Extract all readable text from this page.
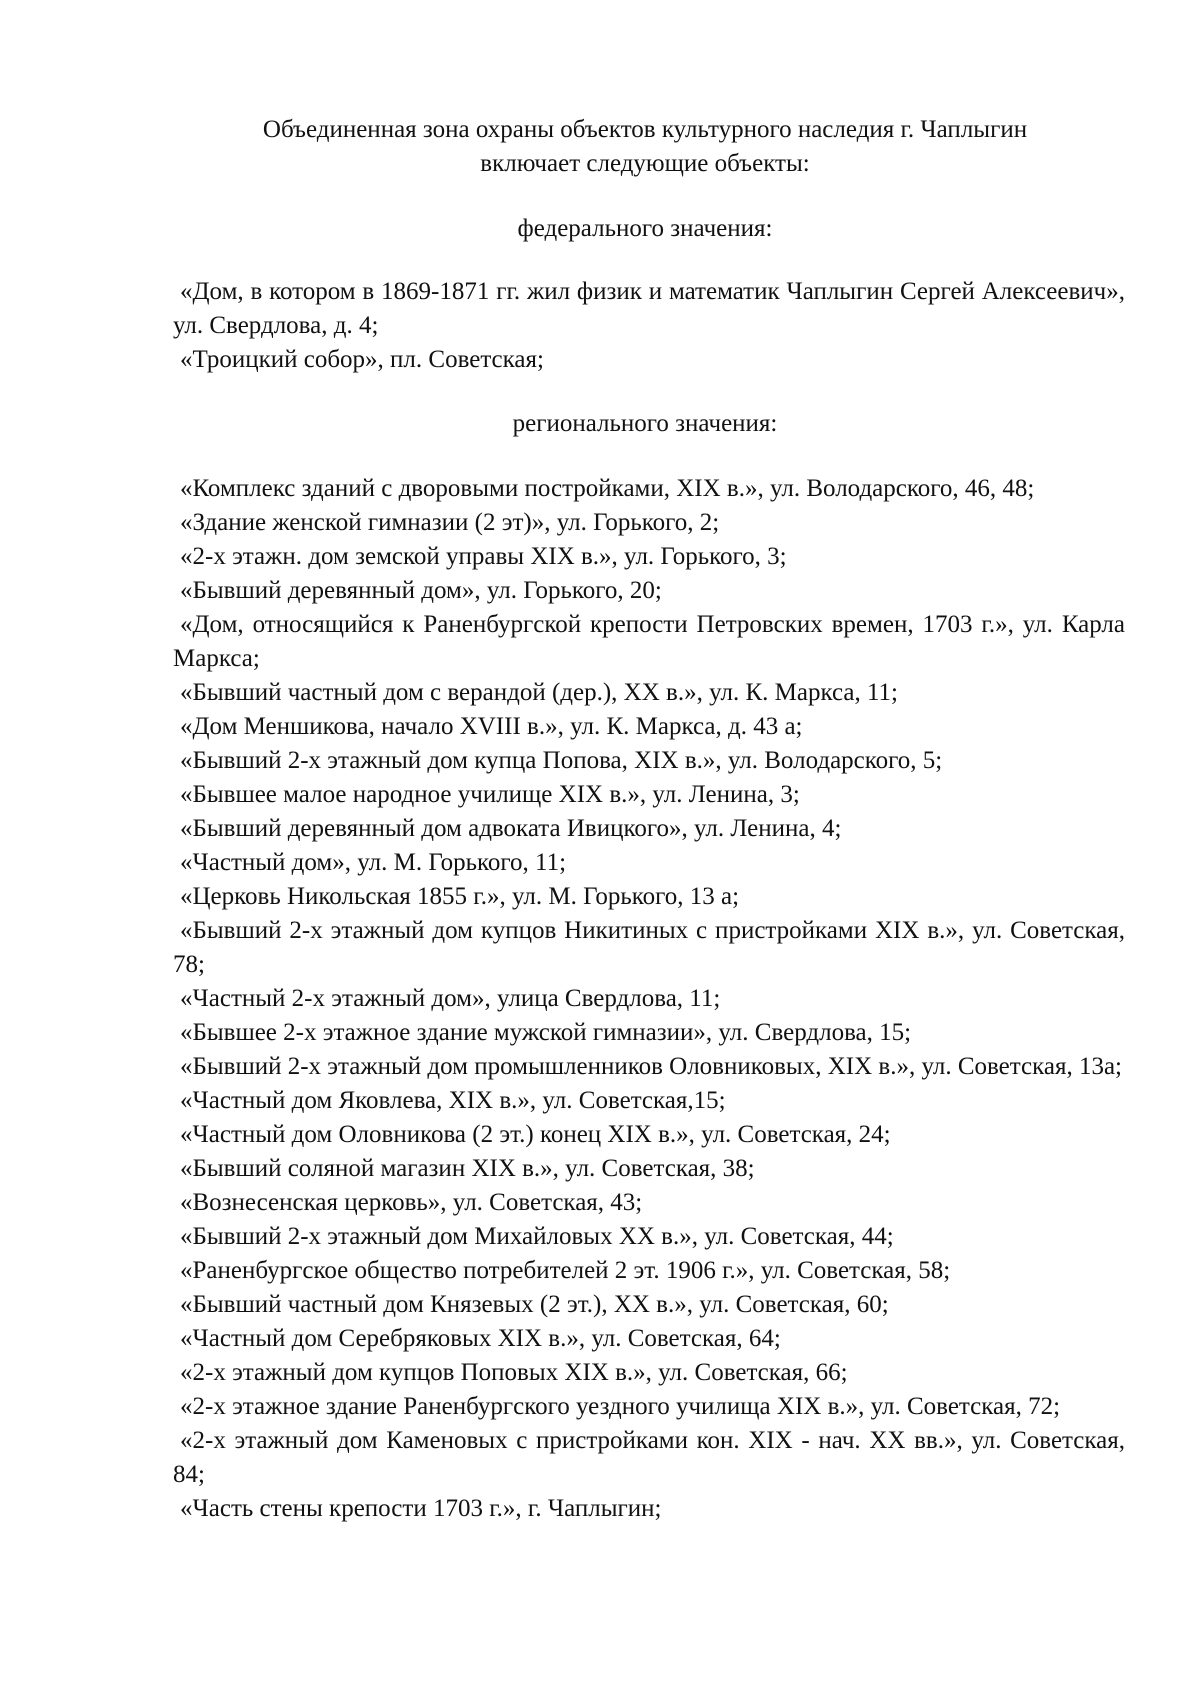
Объединенная зона охраны объектов культурного наследия г. Чаплыгин
включает следующие объекты:
федерального значения:
«Дом, в котором в 1869-1871 гг. жил физик и математик Чаплыгин Сергей Алексеевич», ул. Свердлова, д. 4;
«Троицкий собор», пл. Советская;
регионального значения:
«Комплекс зданий с дворовыми постройками, XIX в.», ул. Володарского, 46, 48;
«Здание женской гимназии (2 эт)», ул. Горького, 2;
«2-х этажн. дом земской управы XIX в.», ул. Горького, 3;
«Бывший деревянный дом», ул. Горького, 20;
«Дом, относящийся к Раненбургской крепости Петровских времен, 1703 г.», ул. Карла Маркса;
«Бывший частный дом с верандой (дер.), XX в.», ул. К. Маркса, 11;
«Дом Меншикова, начало XVIII в.», ул. К. Маркса, д. 43 а;
«Бывший 2-х этажный дом купца Попова, XIX в.», ул. Володарского, 5;
«Бывшее малое народное училище XIX в.», ул. Ленина, 3;
«Бывший деревянный дом адвоката Ивицкого», ул. Ленина, 4;
«Частный дом», ул. М. Горького, 11;
«Церковь Никольская 1855 г.», ул. М. Горького, 13 а;
«Бывший 2-х этажный дом купцов Никитиных с пристройками XIX в.», ул. Советская, 78;
«Частный 2-х этажный дом», улица Свердлова, 11;
«Бывшее 2-х этажное здание мужской гимназии», ул. Свердлова, 15;
«Бывший 2-х этажный дом промышленников Оловниковых, XIX в.», ул. Советская, 13а;
«Частный дом Яковлева, XIX в.», ул. Советская,15;
«Частный дом Оловникова (2 эт.) конец XIX в.», ул. Советская, 24;
«Бывший соляной магазин XIX в.», ул. Советская, 38;
«Вознесенская церковь», ул. Советская, 43;
«Бывший 2-х этажный дом Михайловых XX в.», ул. Советская, 44;
«Раненбургское общество потребителей 2 эт. 1906 г.», ул. Советская, 58;
«Бывший частный дом Князевых (2 эт.), XX в.», ул. Советская, 60;
«Частный дом Серебряковых XIX в.», ул. Советская, 64;
«2-х этажный дом купцов Поповых XIX в.», ул. Советская, 66;
«2-х этажное здание Раненбургского уездного училища XIX в.», ул. Советская, 72;
«2-х этажный дом Каменовых с пристройками кон. XIX - нач. XX вв.», ул. Советская, 84;
«Часть стены крепости 1703 г.», г. Чаплыгин;
